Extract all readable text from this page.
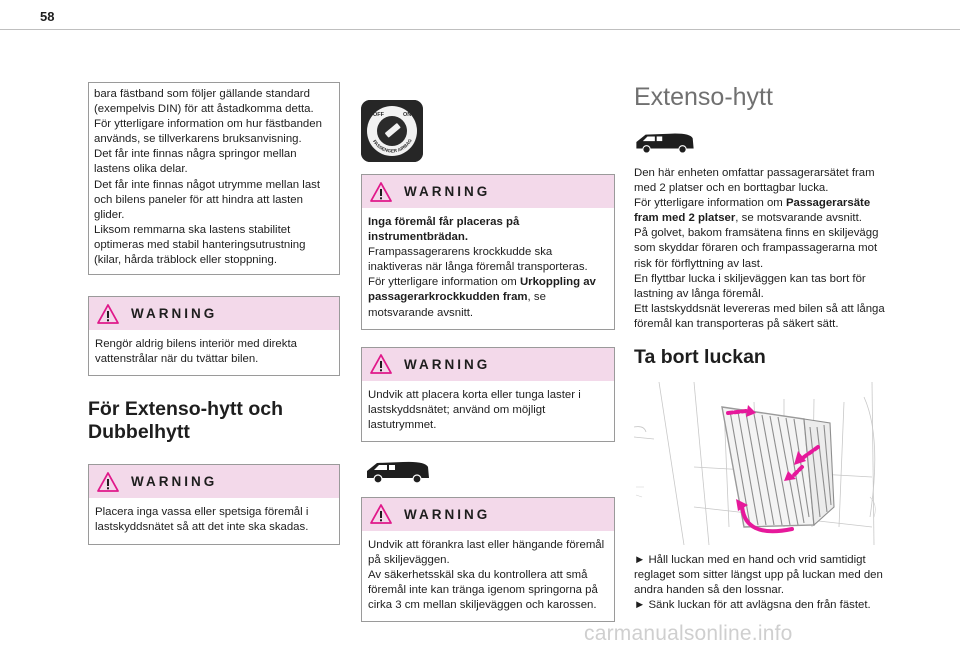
58
bara fästband som följer gällande standard (exempelvis DIN) för att åstadkomma detta.
För ytterligare information om hur fästbanden används, se tillverkarens bruksanvisning.
Det får inte finnas några springor mellan lastens olika delar.
Det får inte finnas något utrymme mellan last och bilens paneler för att hindra att lasten glider.
Liksom remmarna ska lastens stabilitet optimeras med stabil hanteringsutrustning (kilar, hårda träblock eller stoppning.
WARNING
Rengör aldrig bilens interiör med direkta vattenstrålar när du tvättar bilen.
För Extenso-hytt och Dubbelhytt
WARNING
Placera inga vassa eller spetsiga föremål i lastskyddsnätet så att det inte ska skadas.
OFF	ON
PASSENGER AIRBAG
WARNING
Inga föremål får placeras på instrumentbrädan.
Frampassagerarens krockkudde ska inaktiveras när långa föremål transporteras.
För ytterligare information om Urkoppling av passagerarkrockkudden fram, se motsvarande avsnitt.
WARNING
Undvik att placera korta eller tunga laster i lastskyddsnätet; använd om möjligt lastutrymmet.
WARNING
Undvik att förankra last eller hängande föremål på skiljeväggen.
Av säkerhetsskäl ska du kontrollera att små föremål inte kan tränga igenom springorna på cirka 3 cm mellan skiljeväggen och karossen.
Extenso-hytt
Den här enheten omfattar passagerarsätet fram med 2 platser och en borttagbar lucka.
För ytterligare information om Passagerarsäte fram med 2 platser, se motsvarande avsnitt.
På golvet, bakom framsätena finns en skiljevägg som skyddar föraren och frampassagerarna mot risk för förflyttning av last.
En flyttbar lucka i skiljeväggen kan tas bort för lastning av långa föremål.
Ett lastskyddsnät levereras med bilen så att långa föremål kan transporteras på säkert sätt.
Ta bort luckan
► Håll luckan med en hand och vrid samtidigt reglaget som sitter längst upp på luckan med den andra handen så den lossnar.
► Sänk luckan för att avlägsna den från fästet.
carmanualsonline.info
